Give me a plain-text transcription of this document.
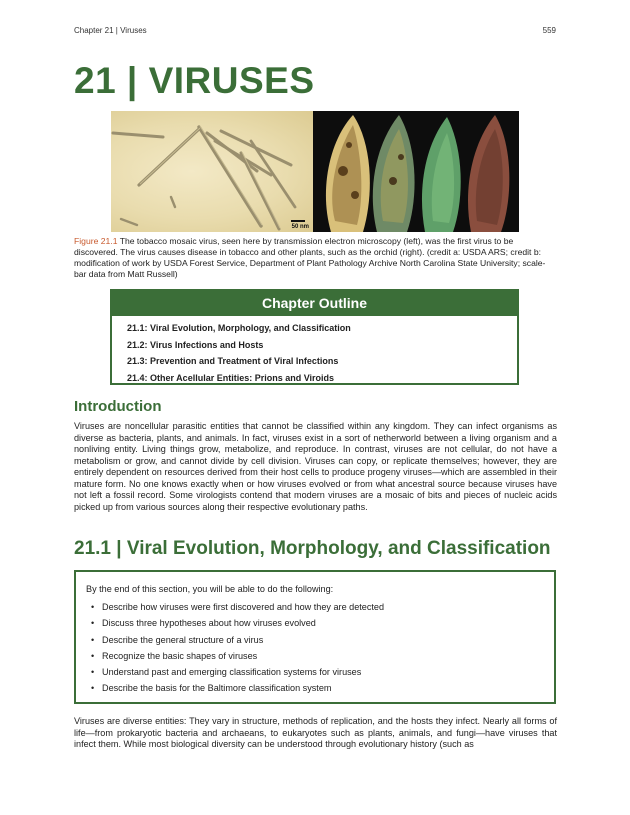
Chapter 21 | Viruses	559
21 | VIRUSES
50 nm
Figure 21.1 The tobacco mosaic virus, seen here by transmission electron microscopy (left), was the first virus to be discovered. The virus causes disease in tobacco and other plants, such as the orchid (right). (credit a: USDA ARS; credit b: modification of work by USDA Forest Service, Department of Plant Pathology Archive North Carolina State University; scale-bar data from Matt Russell)
Chapter Outline
21.1: Viral Evolution, Morphology, and Classification
21.2: Virus Infections and Hosts
21.3: Prevention and Treatment of Viral Infections
21.4: Other Acellular Entities: Prions and Viroids
Introduction

Viruses are noncellular parasitic entities that cannot be classified within any kingdom. They can infect organisms as diverse as bacteria, plants, and animals. In fact, viruses exist in a sort of netherworld between a living organism and a nonliving entity. Living things grow, metabolize, and reproduce. In contrast, viruses are not cellular, do not have a metabolism or grow, and cannot divide by cell division. Viruses can copy, or replicate themselves; however, they are entirely dependent on resources derived from their host cells to produce progeny viruses—which are assembled in their mature form. No one knows exactly when or how viruses evolved or from what ancestral source because viruses have not left a fossil record. Some virologists contend that modern viruses are a mosaic of bits and pieces of nucleic acids picked up from various sources along their respective evolutionary paths.

21.1 | Viral Evolution, Morphology, and Classification

By the end of this section, you will be able to do the following:

• Describe how viruses were first discovered and how they are detected
• Discuss three hypotheses about how viruses evolved
• Describe the general structure of a virus
• Recognize the basic shapes of viruses
• Understand past and emerging classification systems for viruses
• Describe the basis for the Baltimore classification system

Viruses are diverse entities: They vary in structure, methods of replication, and the hosts they infect. Nearly all forms of life—from prokaryotic bacteria and archaeans, to eukaryotes such as plants, animals, and fungi—have viruses that infect them. While most biological diversity can be understood through evolutionary history (such as
